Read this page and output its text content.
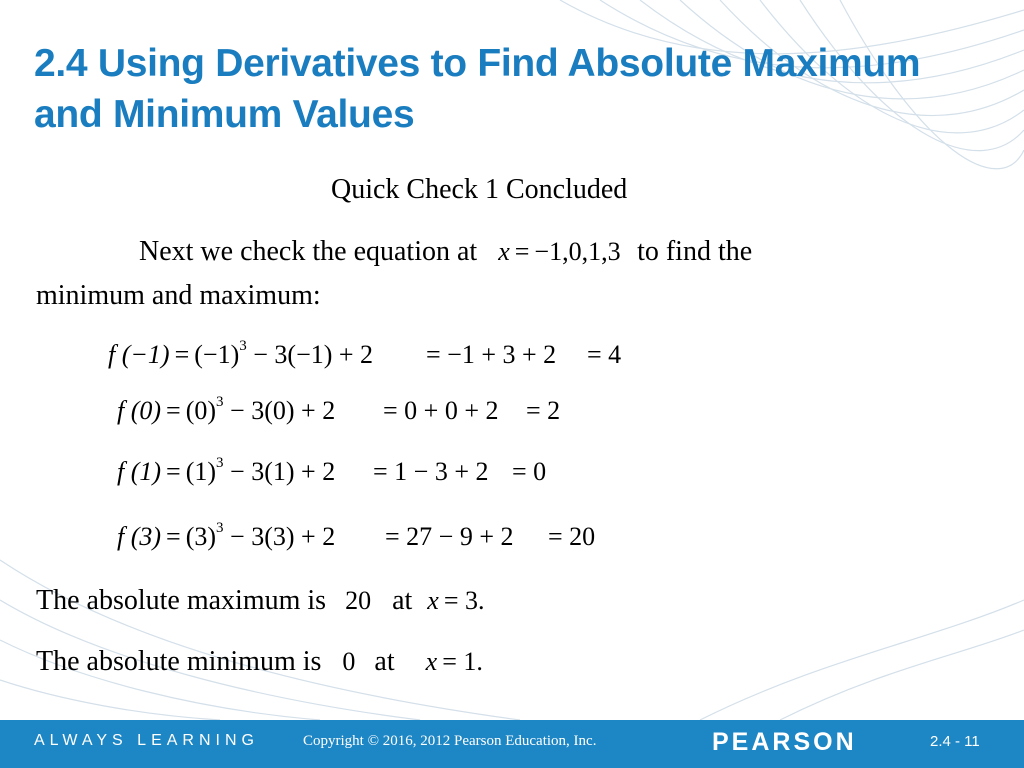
2.4 Using Derivatives to Find Absolute Maximum
and Minimum Values
Quick Check 1 Concluded
Next we check the equation at x = −1,0,1,3 to find the
minimum and maximum:
f $(-1) = (-1)^3 - 3(-1) + 2 = -1 + 3 + 2 = 4$
f $(0) = (0)^3 - 3(0) + 2 = 0 + 0 + 2 = 2$
f $(1) = (1)^3 - 3(1) + 2 = 1 - 3 + 2 = 0$
f $(3) = (3)^3 - 3(3) + 2 = 27 - 9 + 2 = 20$
The absolute maximum is 20 at x = 3.
The absolute minimum is 0 at x = 1.
ALWAYS LEARNING	Copyright © 2016, 2012 Pearson Education, Inc.	PEARSON	2.4 - 11
